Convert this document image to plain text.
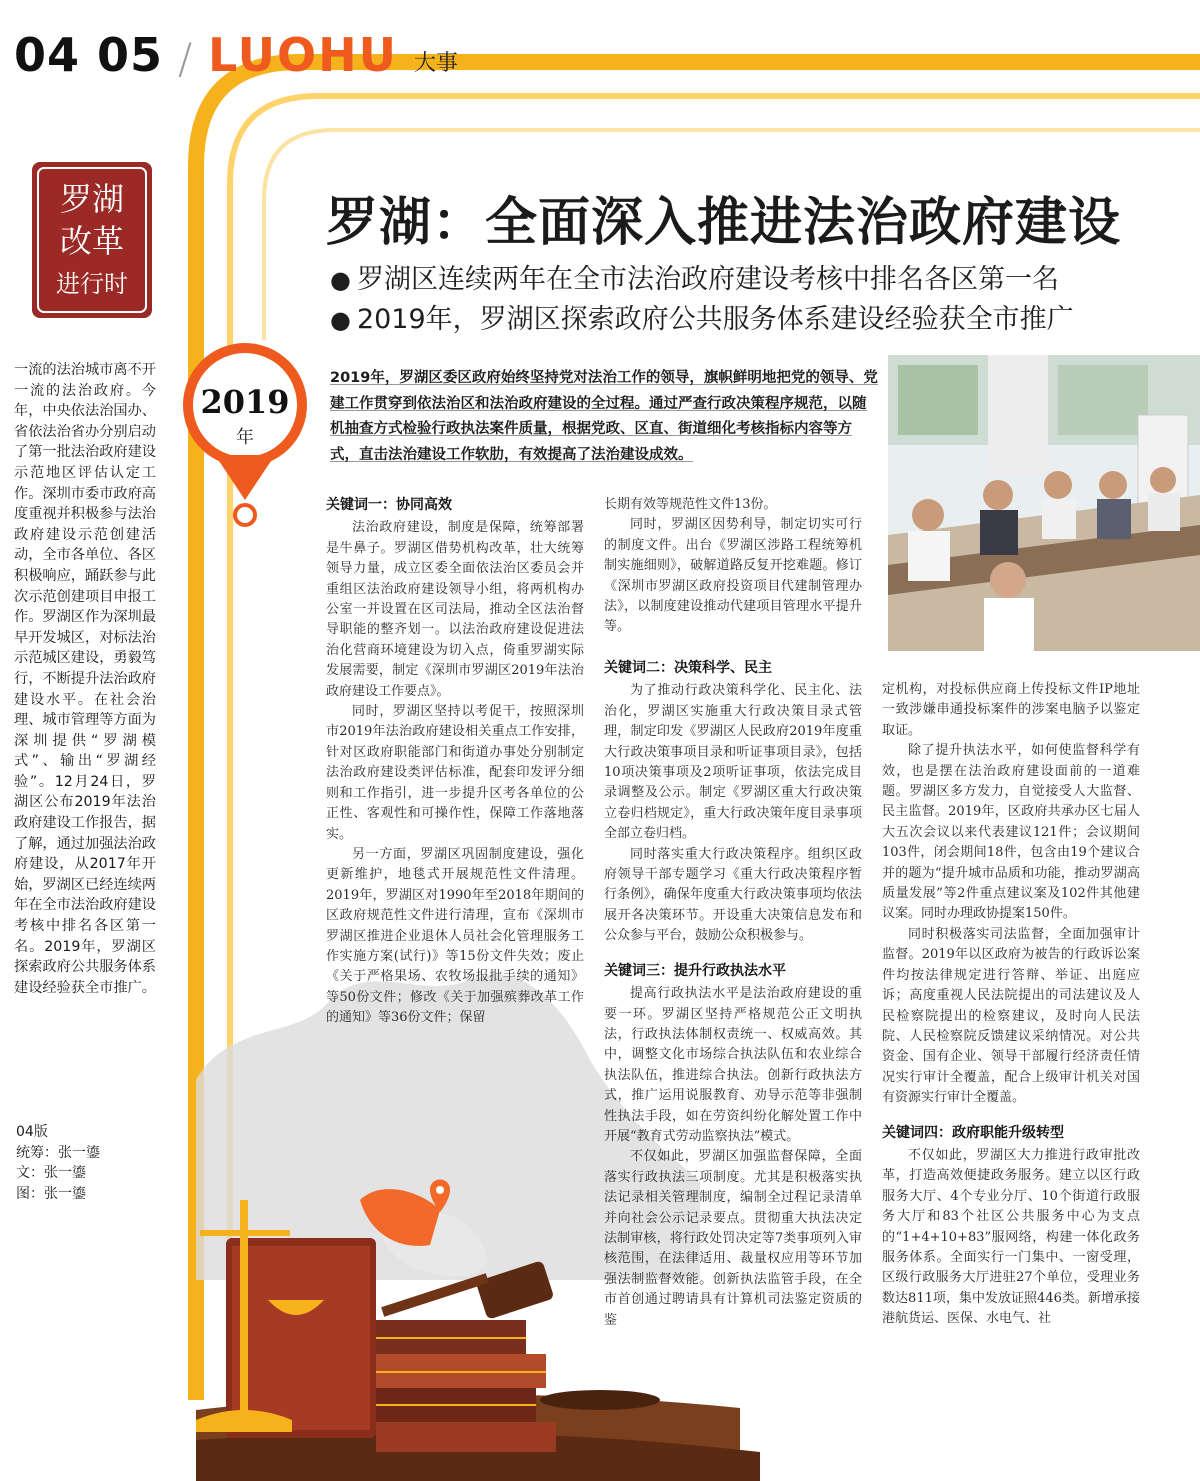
04 05 / LUOHU 大事
罗湖
改革
进行时
罗湖：全面深入推进法治政府建设
● 罗湖区连续两年在全市法治政府建设考核中排名各区第一名
● 2019年，罗湖区探索政府公共服务体系建设经验获全市推广
2019
年
2019年，罗湖区委区政府始终坚持党对法治工作的领导，旗帜鲜明地把党的领导、党建工作贯穿到依法治区和法治政府建设的全过程。通过严查行政决策程序规范，以随机抽查方式检验行政执法案件质量，根据党政、区直、街道细化考核指标内容等方式，直击法治建设工作软肋，有效提高了法治建设成效。
一流的法治城市离不开一流的法治政府。今年，中央依法治国办、省依法治省办分别启动了第一批法治政府建设示范地区评估认定工作。深圳市委市政府高度重视并积极参与法治政府建设示范创建活动，全市各单位、各区积极响应，踊跃参与此次示范创建项目申报工作。罗湖区作为深圳最早开发城区，对标法治示范城区建设，勇毅笃行，不断提升法治政府建设水平。在社会治理、城市管理等方面为深圳提供“罗湖模式”、输出“罗湖经验”。12月24日，罗湖区公布2019年法治政府建设工作报告，据了解，通过加强法治政府建设，从2017年开始，罗湖区已经连续两年在全市法治政府建设考核中排名各区第一名。2019年，罗湖区探索政府公共服务体系建设经验获全市推广。
04版
统筹：张一鎏
文：张一鎏
图：张一鎏
关键词一：协同高效

法治政府建设，制度是保障，统筹部署是牛鼻子。罗湖区借势机构改革，壮大统筹领导力量，成立区委全面依法治区委员会并重组区法治政府建设领导小组，将两机构办公室一并设置在区司法局，推动全区法治督导职能的整齐划一。以法治政府建设促进法治化营商环境建设为切入点，倚重罗湖实际发展需要，制定《深圳市罗湖区2019年法治政府建设工作要点》。

同时，罗湖区坚持以考促干，按照深圳市2019年法治政府建设相关重点工作安排，针对区政府职能部门和街道办事处分别制定法治政府建设类评估标准，配套印发评分细则和工作指引，进一步提升区考各单位的公正性、客观性和可操作性，保障工作落地落实。

另一方面，罗湖区巩固制度建设，强化更新维护，地毯式开展规范性文件清理。2019年，罗湖区对1990年至2018年期间的区政府规范性文件进行清理，宣布《深圳市罗湖区推进企业退休人员社会化管理服务工作实施方案(试行)》等15份文件失效；废止《关于严格果场、农牧场报批手续的通知》等50份文件；修改《关于加强殡葬改革工作的通知》等36份文件；保留

长期有效等规范性文件13份。

同时，罗湖区因势利导，制定切实可行的制度文件。出台《罗湖区涉路工程统筹机制实施细则》，破解道路反复开挖难题。修订《深圳市罗湖区政府投资项目代建制管理办法》，以制度建设推动代建项目管理水平提升等。

关键词二：决策科学、民主

为了推动行政决策科学化、民主化、法治化，罗湖区实施重大行政决策目录式管理，制定印发《罗湖区人民政府2019年度重大行政决策事项目录和听证事项目录》，包括10项决策事项及2项听证事项，依法完成目录调整及公示。制定《罗湖区重大行政决策立卷归档规定》，重大行政决策年度目录事项全部立卷归档。

同时落实重大行政决策程序。组织区政府领导干部专题学习《重大行政决策程序暂行条例》，确保年度重大行政决策事项均依法展开各决策环节。开设重大决策信息发布和公众参与平台，鼓励公众积极参与。

关键词三：提升行政执法水平

提高行政执法水平是法治政府建设的重要一环。罗湖区坚持严格规范公正文明执法，行政执法体制权责统一、权威高效。其中，调整文化市场综合执法队伍和农业综合执法队伍，推进综合执法。创新行政执法方式，推广运用说服教育、劝导示范等非强制性执法手段，如在劳资纠纷化解处置工作中开展“教育式劳动监察执法”模式。

不仅如此，罗湖区加强监督保障，全面落实行政执法三项制度。尤其是积极落实执法记录相关管理制度，编制全过程记录清单并向社会公示记录要点。贯彻重大执法决定法制审核，将行政处罚决定等7类事项列入审核范围，在法律适用、裁量权应用等环节加强法制监督效能。创新执法监管手段，在全市首创通过聘请具有计算机司法鉴定资质的鉴

定机构，对投标供应商上传投标文件IP地址一致涉嫌串通投标案件的涉案电脑予以鉴定取证。

除了提升执法水平，如何使监督科学有效，也是摆在法治政府建设面前的一道难题。罗湖区多方发力，自觉接受人大监督、民主监督。2019年，区政府共承办区七届人大五次会议以来代表建议121件；会议期间103件，闭会期间18件，包含由19个建议合并的题为“提升城市品质和功能，推动罗湖高质量发展”等2件重点建议案及102件其他建议案。同时办理政协提案150件。

同时积极落实司法监督，全面加强审计监督。2019年以区政府为被告的行政诉讼案件均按法律规定进行答辩、举证、出庭应诉；高度重视人民法院提出的司法建议及人民检察院提出的检察建议，及时向人民法院、人民检察院反馈建议采纳情况。对公共资金、国有企业、领导干部履行经济责任情况实行审计全覆盖，配合上级审计机关对国有资源实行审计全覆盖。

关键词四：政府职能升级转型

不仅如此，罗湖区大力推进行政审批改革，打造高效便捷政务服务。建立以区行政服务大厅、4个专业分厅、10个街道行政服务大厅和83个社区公共服务中心为支点的“1+4+10+83”服网络，构建一体化政务服务体系。全面实行一门集中、一窗受理，区级行政服务大厅进驻27个单位，受理业务数达811项，集中发放证照446类。新增承接港航货运、医保、水电气、社
